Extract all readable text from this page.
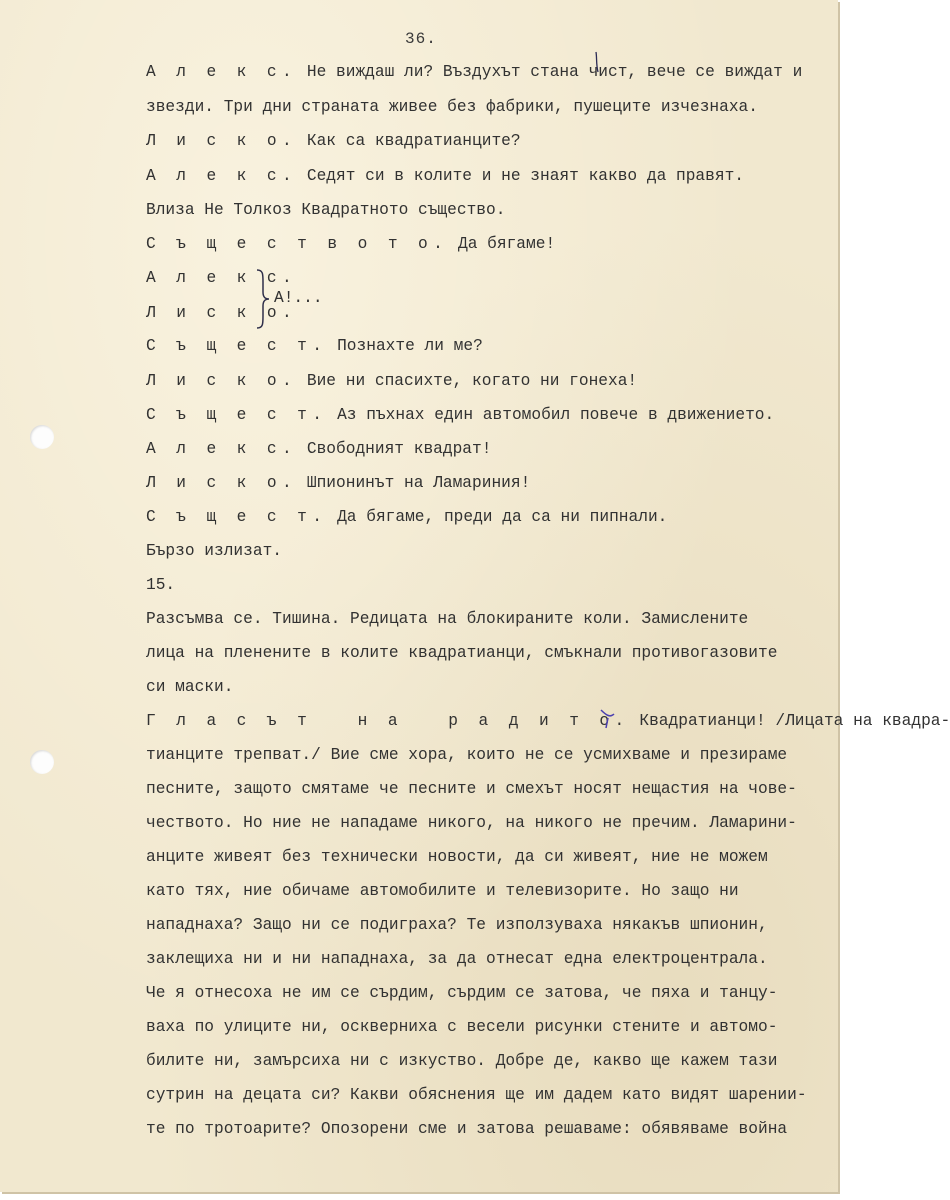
36.
А л е к с. Не виждаш ли? Въздухът стана чист, вече се виждат и
звезди. Три дни страната живее без фабрики, пушеците изчезнаха.
Л и с к о. Как са квадратианците?
А л е к с. Седят си в колите и не знаят какво да правят.
Влиза Не Толкоз Квадратното същество.
С ъ щ е с т в о т о. Да бягаме!
А л е к с.
Л и с к о.
А!...
С ъ щ е с т. Познахте ли ме?
Л и с к о. Вие ни спасихте, когато ни гонеха!
С ъ щ е с т. Аз пъхнах един автомобил повече в движението.
А л е к с. Свободният квадрат!
Л и с к о. Шпионинът на Ламариния!
С ъ щ е с т. Да бягаме, преди да са ни пипнали.
Бързо излизат.
15.
Разсъмва се. Тишина. Редицата на блокираните коли. Замислените
лица на пленените в колите квадратианци, смъкнали противогазовите
си маски.
Г л а с ъ т   н а   р а д и т о. Квадратианци! /Лицата на квадра-
тианците трепват./ Вие сме хора, които не се усмихваме и презираме
песните, защото смятаме че песните и смехът носят нещастия на чове-
чеството. Но ние не нападаме никого, на никого не пречим. Ламарини-
анците живеят без технически новости, да си живеят, ние не можем
като тях, ние обичаме автомобилите и телевизорите. Но защо ни
нападнаха? Защо ни се подиграха? Те използуваха някакъв шпионин,
заклещиха ни и ни нападнаха, за да отнесат една електроцентрала.
Че я отнесоха не им се сърдим, сърдим се затова, че пяха и танцу-
ваха по улиците ни, оскверниха с весели рисунки стените и автомо-
билите ни, замърсиха ни с изкуство. Добре де, какво ще кажем тази
сутрин на децата си? Какви обяснения ще им дадем като видят шарении-
те по тротоарите? Опозорени сме и затова решаваме: обявяваме война
